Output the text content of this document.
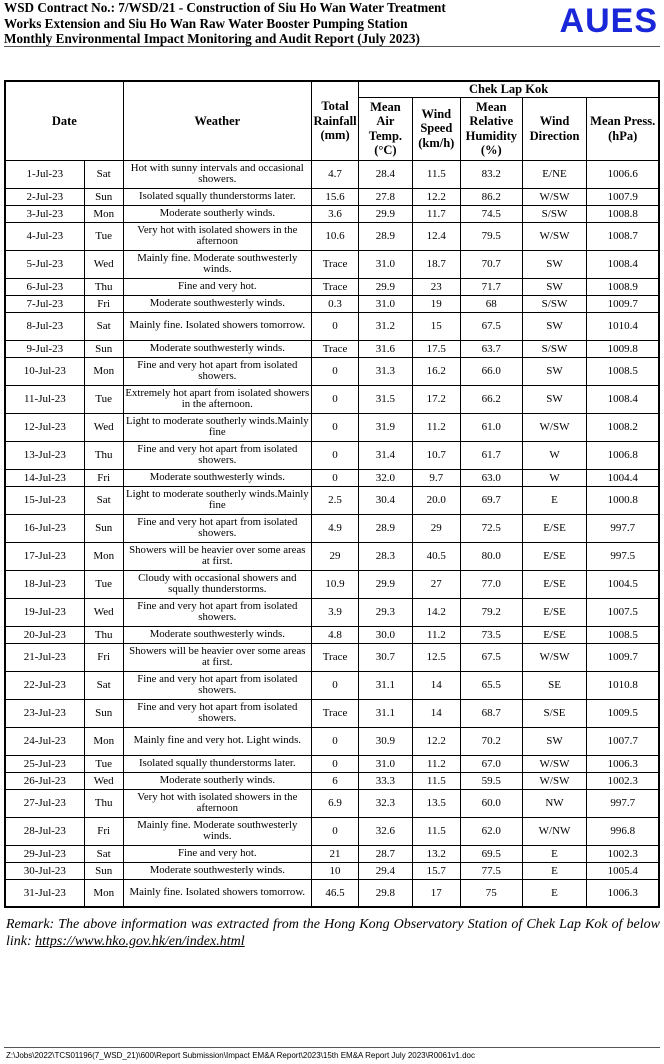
WSD Contract No.: 7/WSD/21 - Construction of Siu Ho Wan Water Treatment
Works Extension and Siu Ho Wan Raw Water Booster Pumping Station
Monthly Environmental Impact Monitoring and Audit Report (July 2023)	AUES
Date		Weather	Total Rainfall (mm)	Chek Lap Kok				
				Mean Air Temp. (°C)	Wind Speed (km/h)	Mean Relative Humidity (%)	Wind Direction	Mean Press. (hPa)
1-Jul-23	Sat	Hot with sunny intervals and occasional showers.	4.7	28.4	11.5	83.2	E/NE	1006.6
2-Jul-23	Sun	Isolated squally thunderstorms later.	15.6	27.8	12.2	86.2	W/SW	1007.9
3-Jul-23	Mon	Moderate southerly winds.	3.6	29.9	11.7	74.5	S/SW	1008.8
4-Jul-23	Tue	Very hot with isolated showers in the afternoon	10.6	28.9	12.4	79.5	W/SW	1008.7
5-Jul-23	Wed	Mainly fine. Moderate southwesterly winds.	Trace	31.0	18.7	70.7	SW	1008.4
6-Jul-23	Thu	Fine and very hot.	Trace	29.9	23	71.7	SW	1008.9
7-Jul-23	Fri	Moderate southwesterly winds.	0.3	31.0	19	68	S/SW	1009.7
8-Jul-23	Sat	Mainly fine. Isolated showers tomorrow.	0	31.2	15	67.5	SW	1010.4
9-Jul-23	Sun	Moderate southwesterly winds.	Trace	31.6	17.5	63.7	S/SW	1009.8
10-Jul-23	Mon	Fine and very hot apart from isolated showers.	0	31.3	16.2	66.0	SW	1008.5
11-Jul-23	Tue	Extremely hot apart from isolated showers in the afternoon.	0	31.5	17.2	66.2	SW	1008.4
12-Jul-23	Wed	Light to moderate southerly winds.Mainly fine	0	31.9	11.2	61.0	W/SW	1008.2
13-Jul-23	Thu	Fine and very hot apart from isolated showers.	0	31.4	10.7	61.7	W	1006.8
14-Jul-23	Fri	Moderate southwesterly winds.	0	32.0	9.7	63.0	W	1004.4
15-Jul-23	Sat	Light to moderate southerly winds.Mainly fine	2.5	30.4	20.0	69.7	E	1000.8
16-Jul-23	Sun	Fine and very hot apart from isolated showers.	4.9	28.9	29	72.5	E/SE	997.7
17-Jul-23	Mon	Showers will be heavier over some areas at first.	29	28.3	40.5	80.0	E/SE	997.5
18-Jul-23	Tue	Cloudy with occasional showers and squally thunderstorms.	10.9	29.9	27	77.0	E/SE	1004.5
19-Jul-23	Wed	Fine and very hot apart from isolated showers.	3.9	29.3	14.2	79.2	E/SE	1007.5
20-Jul-23	Thu	Moderate southwesterly winds.	4.8	30.0	11.2	73.5	E/SE	1008.5
21-Jul-23	Fri	Showers will be heavier over some areas at first.	Trace	30.7	12.5	67.5	W/SW	1009.7
22-Jul-23	Sat	Fine and very hot apart from isolated showers.	0	31.1	14	65.5	SE	1010.8
23-Jul-23	Sun	Fine and very hot apart from isolated showers.	Trace	31.1	14	68.7	S/SE	1009.5
24-Jul-23	Mon	Mainly fine and very hot. Light winds.	0	30.9	12.2	70.2	SW	1007.7
25-Jul-23	Tue	Isolated squally thunderstorms later.	0	31.0	11.2	67.0	W/SW	1006.3
26-Jul-23	Wed	Moderate southerly winds.	6	33.3	11.5	59.5	W/SW	1002.3
27-Jul-23	Thu	Very hot with isolated showers in the afternoon	6.9	32.3	13.5	60.0	NW	997.7
28-Jul-23	Fri	Mainly fine. Moderate southwesterly winds.	0	32.6	11.5	62.0	W/NW	996.8
29-Jul-23	Sat	Fine and very hot.	21	28.7	13.2	69.5	E	1002.3
30-Jul-23	Sun	Moderate southwesterly winds.	10	29.4	15.7	77.5	E	1005.4
31-Jul-23	Mon	Mainly fine. Isolated showers tomorrow.	46.5	29.8	17	75	E	1006.3
Remark: The above information was extracted from the Hong Kong Observatory Station of Chek Lap Kok of below link: https://www.hko.gov.hk/en/index.html
Z:\Jobs\2022\TCS01196(7_WSD_21)\600\Report Submission\Impact EM&A Report\2023\15th EM&A Report July 2023\R0061v1.doc
